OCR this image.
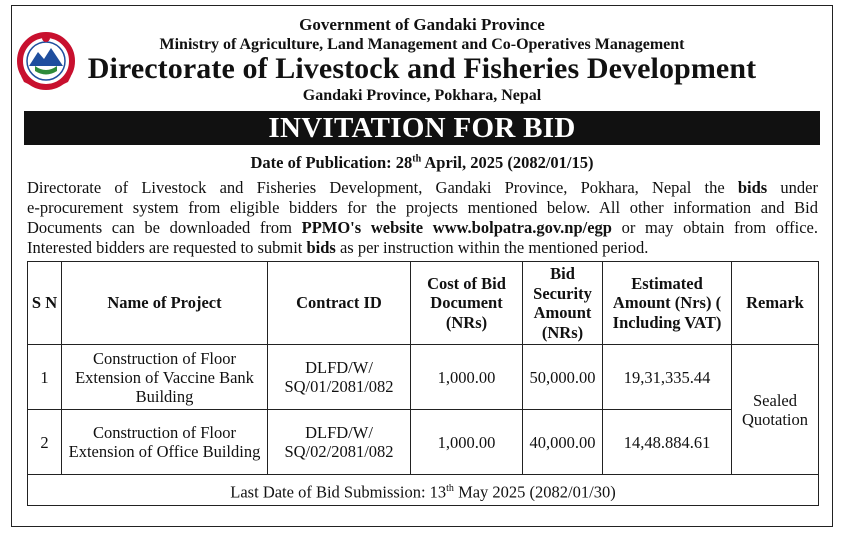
Government of Gandaki Province
Ministry of Agriculture, Land Management and Co-Operatives Management
Directorate of Livestock and Fisheries Development
Gandaki Province, Pokhara, Nepal
INVITATION FOR BID
Date of Publication: 28th April, 2025 (2082/01/15)
Directorate of Livestock and Fisheries Development, Gandaki Province, Pokhara, Nepal the bids under
e-procurement system from eligible bidders for the projects mentioned below. All other information and Bid
Documents can be downloaded from PPMO's website www.bolpatra.gov.np/egp or may obtain from office.
Interested bidders are requested to submit bids as per instruction within the mentioned period.
S N	Name of Project	Contract ID	Cost of Bid Document (NRs)	Bid Security Amount (NRs)	Estimated Amount (Nrs) ( Including VAT)	Remark
1	Construction of Floor Extension of Vaccine Bank Building	DLFD/W/ SQ/01/2081/082	1,000.00	50,000.00	19,31,335.44	Sealed Quotation
2	Construction of Floor Extension of Office Building	DLFD/W/ SQ/02/2081/082	1,000.00	40,000.00	14,48.884.61	
Last Date of Bid Submission: 13th May 2025 (2082/01/30)						
